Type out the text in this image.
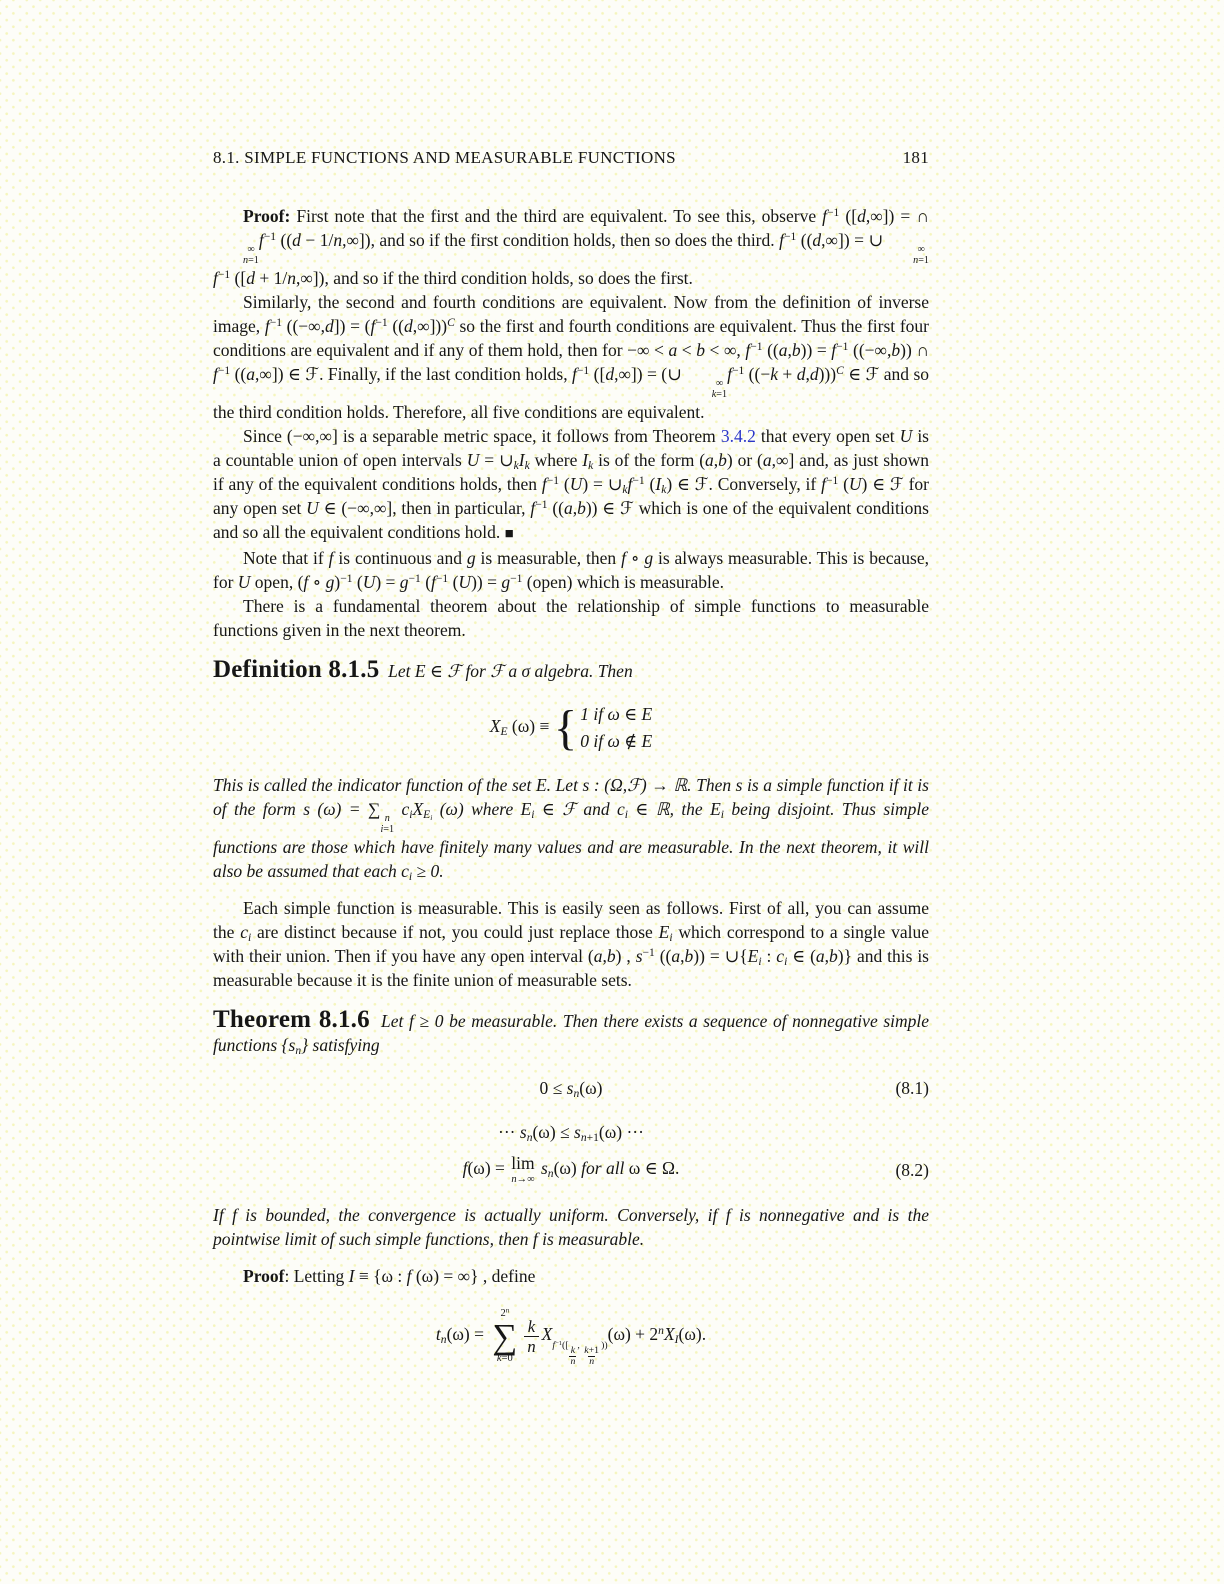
8.1. SIMPLE FUNCTIONS AND MEASURABLE FUNCTIONS	181

Proof: First note that the first and the third are equivalent. To see this, observe $f^{-1}$ ([d,∞]) = ∩
∞
n=1
$f^{-1}$ ((d − 1/n,∞]), and so if the first condition holds, then so does the third. $f^{-1}$ ((d,∞]) = ∪	∞
n=1
$f^{-1}$ ([d + 1/n,∞]), and so if the third condition holds, so does the first.

Similarly, the second and fourth conditions are equivalent. Now from the definition of inverse image, $f^{-1}$ $((-\infty,d]) = (f^{-1}$ $((d,\infty]))^C$ so the first and fourth conditions are equivalent. Thus the first four conditions are equivalent and if any of them hold, then for −∞ < a < b < ∞, $f^{-1}$ $((a,b)) = f^{-1}$ ((−∞,b)) ∩ $f^{-1}$ ((a,∞]) ∈ ℱ. Finally, if the last condition holds, $f^{-1}$ ([d,∞]) = (∪	∞
k=1
$f^{-1}$ ((−k + d,d)))$^C$ ∈ ℱ and so the third condition holds. Therefore, all five conditions are equivalent.

Since (−∞,∞] is a separable metric space, it follows from Theorem 3.4.2 that every open set U is a countable union of open intervals $U = \cup_kI_k$ where $I_k$ is of the form (a,b) or (a,∞] and, as just shown if any of the equivalent conditions holds, then $f^{-1}$ $(U) = \cup_kf^{-1}$ $(I_k)$ ∈ ℱ. Conversely, if $f^{-1}$ (U) ∈ ℱ for any open set U ∈ (−∞,∞], then in particular, $f^{-1}$ ((a,b)) ∈ ℱ which is one of the equivalent conditions and so all the equivalent conditions hold. ■

Note that if f is continuous and g is measurable, then f ∘ g is always measurable. This is because, for U open, (f ∘ g)$^{-1}$ $(U) = g^{-1}$ ($f^{-1}$ $(U)) = g^{-1}$ (open) which is measurable.

There is a fundamental theorem about the relationship of simple functions to measurable functions given in the next theorem.

Definition 8.1.5 Let E ∈ ℱ for ℱ a σ algebra. Then

$X_E$ (ω) ≡ { 1 if ω ∈ E
0 if ω ∉ E

This is called the indicator function of the set E. Let s : (Ω,ℱ) → ℝ. Then s is a simple function if it is of the form s (ω) = ∑ n
i=1
$c_iX_{E_i}$ (ω) where $E_i$ ∈ ℱ and $c_i$ ∈ ℝ, the $E_i$ being disjoint. Thus simple functions are those which have finitely many values and are measurable. In the next theorem, it will also be assumed that each $c_i \ge 0$.

Each simple function is measurable. This is easily seen as follows. First of all, you can assume the $c_i$ are distinct because if not, you could just replace those $E_i$ which correspond to a single value with their union. Then if you have any open interval (a,b) , $s^{-1}$ $((a,b)) = \cup\{E_i$ : $c_i$ ∈ (a,b)} and this is measurable because it is the finite union of measurable sets.

Theorem 8.1.6 Let f ≥ 0 be measurable. Then there exists a sequence of nonnegative simple functions $\{s_n\}$ satisfying

$0 \le s_n(\omega)$	(8.1)
··· $s_n(\omega) \le s_{n+1}(\omega)$ ···
f(ω) = lim
n→∞
$s_n(\omega)$ for all ω ∈ Ω.	(8.2)

If f is bounded, the convergence is actually uniform. Conversely, if f is nonnegative and is the pointwise limit of such simple functions, then f is measurable.

Proof: Letting I ≡ {ω : f (ω) = ∞} , define

$t_n(\omega)$ =
2$^n$
∑
k=0
$\frac{k}{n} X_{f^{-1}([ \frac{k}{n} , \frac{k+1}{n} ))}(\omega) + 2^nX_I(\omega)$.
